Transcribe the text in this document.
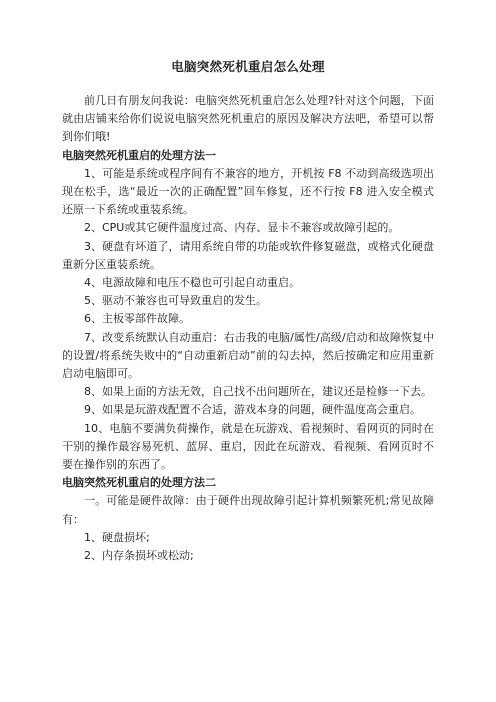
电脑突然死机重启怎么处理

前几日有朋友问我说：电脑突然死机重启怎么处理?针对这个问题，下面就由店铺来给你们说说电脑突然死机重启的原因及解决方法吧，希望可以帮到你们哦!

电脑突然死机重启的处理方法一

1、可能是系统或程序间有不兼容的地方，开机按 F8 不动到高级选项出现在松手，选“最近一次的正确配置”回车修复，还不行按 F8 进入安全模式还原一下系统或重装系统。

2、CPU或其它硬件温度过高、内存、显卡不兼容或故障引起的。

3、硬盘有坏道了，请用系统自带的功能或软件修复磁盘，或格式化硬盘重新分区重装系统。

4、电源故障和电压不稳也可引起自动重启。

5、驱动不兼容也可导致重启的发生。

6、主板零部件故障。

7、改变系统默认自动重启：右击我的电脑/属性/高级/启动和故障恢复中的设置/将系统失败中的“自动重新启动”前的勾去掉，然后按确定和应用重新启动电脑即可。

8、如果上面的方法无效，自己找不出问题所在，建议还是检修一下去。

9、如果是玩游戏配置不合适，游戏本身的问题，硬件温度高会重启。

10、电脑不要满负荷操作，就是在玩游戏、看视频时、看网页的同时在干别的操作最容易死机、蓝屏、重启，因此在玩游戏、看视频、看网页时不要在操作别的东西了。

电脑突然死机重启的处理方法二

一。可能是硬件故障：由于硬件出现故障引起计算机频繁死机;常见故障有：

1、硬盘损坏;

2、内存条损坏或松动;
